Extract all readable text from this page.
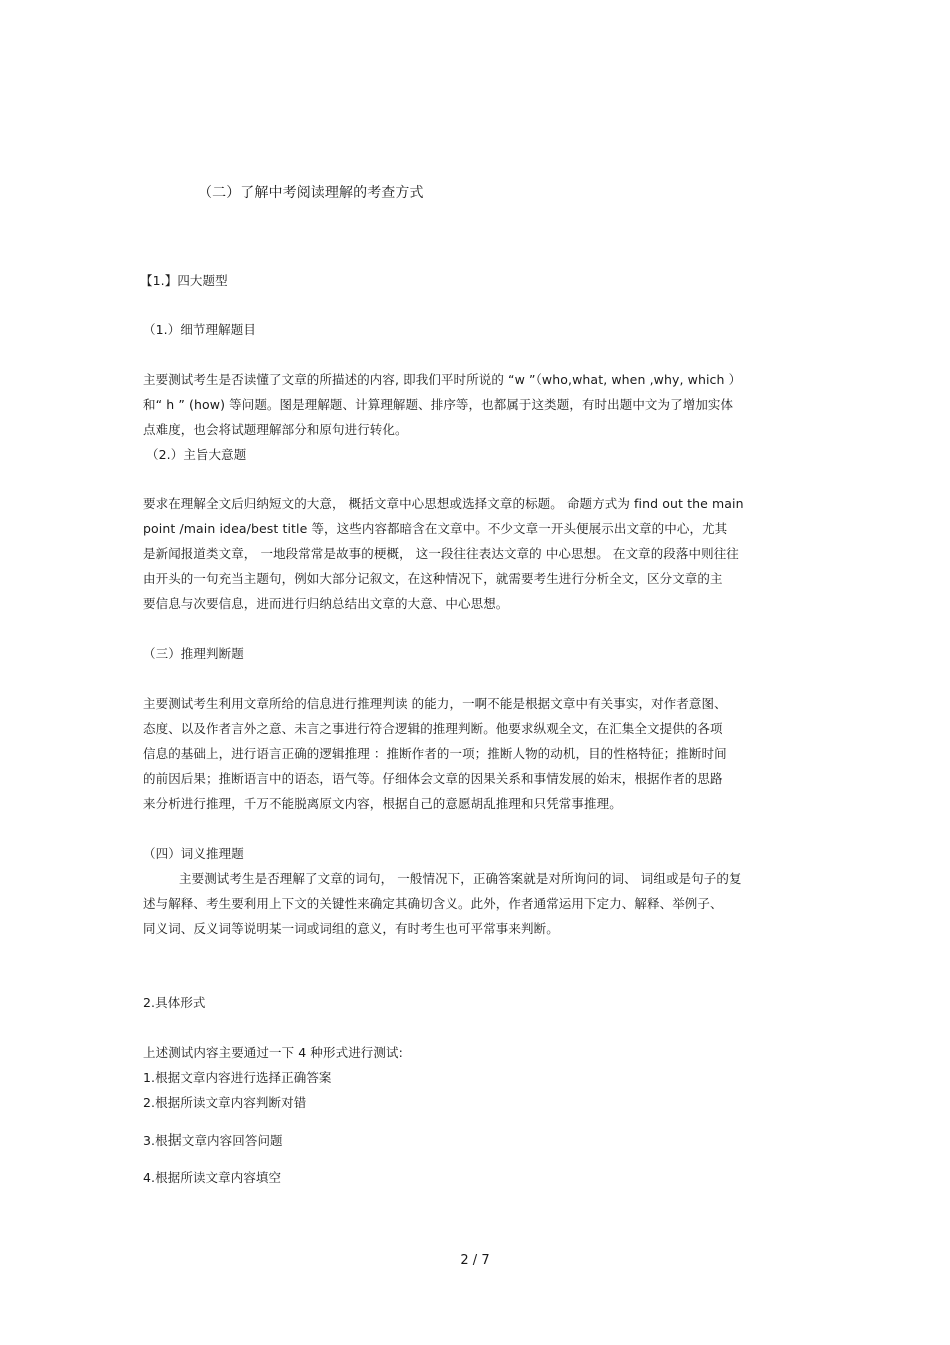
（二）了解中考阅读理解的考查方式
【1.】四大题型
（1.）细节理解题目
主要测试考生是否读懂了文章的所描述的内容, 即我们平时所说的 “w ”（who,what, when ,why, which ）
和“ h ” (how) 等问题。图是理解题、计算理解题、排序等，也都属于这类题，有时出题中文为了增加实体
点难度，也会将试题理解部分和原句进行转化。
（2.）主旨大意题
要求在理解全文后归纳短文的大意， 概括文章中心思想或选择文章的标题。 命题方式为 find out the main
point /main idea/best title 等，这些内容都暗含在文章中。不少文章一开头便展示出文章的中心，尤其
是新闻报道类文章， 一地段常常是故事的梗概， 这一段往往表达文章的 中心思想。 在文章的段落中则往往
由开头的一句充当主题句，例如大部分记叙文，在这种情况下，就需要考生进行分析全文，区分文章的主
要信息与次要信息，进而进行归纳总结出文章的大意、中心思想。
（三）推理判断题
主要测试考生利用文章所给的信息进行推理判读 的能力，一啊不能是根据文章中有关事实，对作者意图、
态度、以及作者言外之意、未言之事进行符合逻辑的推理判断。他要求纵观全文，在汇集全文提供的各项
信息的基础上，进行语言正确的逻辑推理 ：推断作者的一项；推断人物的动机，目的性格特征；推断时间
的前因后果；推断语言中的语态，语气等。仔细体会文章的因果关系和事情发展的始末，根据作者的思路
来分析进行推理，千万不能脱离原文内容，根据自己的意愿胡乱推理和只凭常事推理。
（四）词义推理题
主要测试考生是否理解了文章的词句， 一般情况下，正确答案就是对所询问的词、 词组或是句子的复
述与解释、考生要利用上下文的关键性来确定其确切含义。此外，作者通常运用下定力、解释、举例子、
同义词、反义词等说明某一词或词组的意义，有时考生也可平常事来判断。
2.具体形式
上述测试内容主要通过一下 4 种形式进行测试:
1.根据文章内容进行选择正确答案
2.根据所读文章内容判断对错
3.根据文章内容回答问题
4.根据所读文章内容填空
2 / 7
